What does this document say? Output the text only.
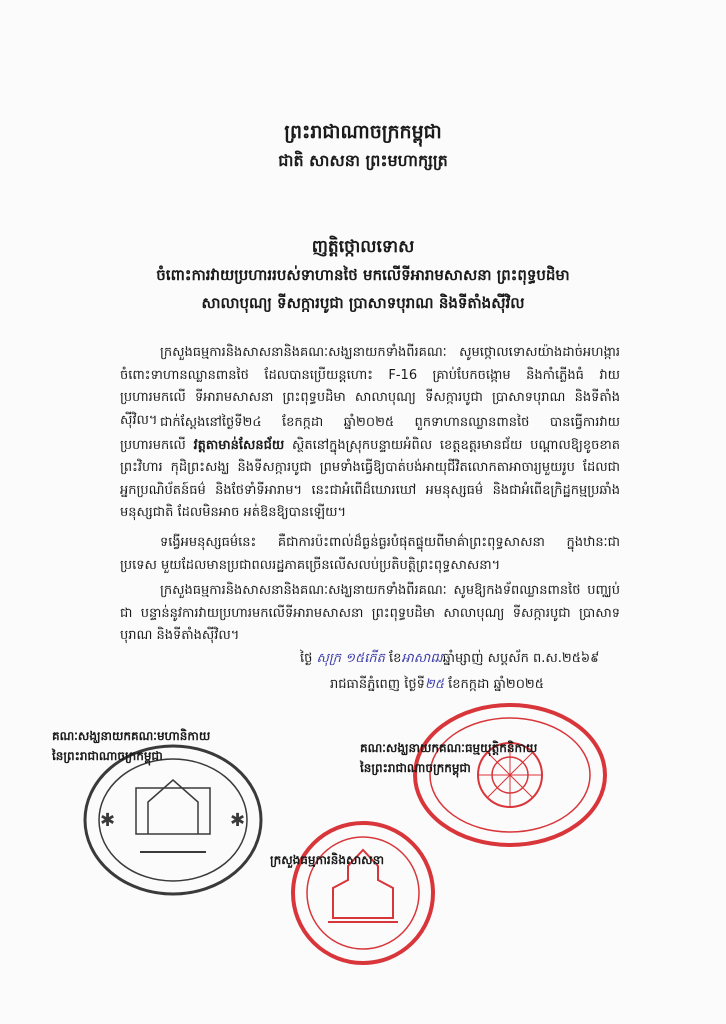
ព្រះរាជាណាចក្រកម្ពុជា
ជាតិ សាសនា ព្រះមហាក្សត្រ
ញត្តិថ្កោលទោស
ចំពោះការវាយប្រហាររបស់ទាហានថៃ មកលើទីអារាមសាសនា ព្រះពុទ្ធបដិមា
សាលាបុណ្យ ទីសក្ការបូជា ប្រាសាទបុរាណ និងទីតាំងស៊ីវិល
ក្រសួងធម្មការនិងសាសនានិងគណៈសង្ឃនាយកទាំងពីរគណៈ សូមថ្កោលទោសយ៉ាងដាច់អហង្ការ ចំពោះទាហានឈ្លានពានថៃ ដែលបានប្រើយន្តហោះ F-16 គ្រាប់បែកចង្កោម និងកាំភ្លើងធំ វាយប្រហារមកលើ ទីអារាមសាសនា ព្រះពុទ្ធបដិមា សាលាបុណ្យ ទីសក្ការបូជា ប្រាសាទបុរាណ និងទីតាំងស៊ីវិល។ ជាក់ស្តែងនៅថ្ងៃទី២៤ ខែកក្កដា ឆ្នាំ២០២៥ ពួកទាហានឈ្លានពានថៃ បានធ្វើការវាយប្រហារមកលើ វត្តតាមាន់សែនជ័យ ស្ថិតនៅក្នុងស្រុកបន្ទាយអំពិល ខេត្តឧត្តរមានជ័យ បណ្តាលឱ្យខូចខាតព្រះវិហារ កុដិព្រះសង្ឃ និងទីសក្ការបូជា ព្រមទាំងធ្វើឱ្យបាត់បង់អាយុជីវិតលោកតាអាចារ្យមួយរូប ដែលជាអ្នកប្រណិប័តន៍ធម៌ និងថែទាំទីអារាម។ នេះជាអំពើដ៏ឃោរឃៅ អមនុស្សធម៌ និងជាអំពើឧក្រិដ្ឋកម្មប្រឆាំងមនុស្សជាតិ ដែលមិនអាច អត់ឱនឱ្យបានឡើយ។
ទង្វើអមនុស្សធម៌នេះ គឺជាការប៉ះពាល់ដ៏ធ្ងន់ធ្ងរបំផុតផ្ទុយពីមាគ៌ាព្រះពុទ្ធសាសនា ក្នុងឋានៈជាប្រទេស មួយដែលមានប្រជាពលរដ្ឋភាគច្រើនលើសលប់ប្រតិបត្តិព្រះពុទ្ធសាសនា។
ក្រសួងធម្មការនិងសាសនានិងគណៈសង្ឃនាយកទាំងពីរគណៈ សូមឱ្យកងទ័ពឈ្លានពានថៃ បញ្ឈប់ជា បន្ទាន់នូវការវាយប្រហារមកលើទីអារាមសាសនា ព្រះពុទ្ធបដិមា សាលាបុណ្យ ទីសក្ការបូជា ប្រាសាទបុរាណ និងទីតាំងស៊ីវិល។
ថ្ងៃ សុក្រ ១៥កើត ខែអាសាឍឆ្នាំម្សាញ់ សប្តស័ក ព.ស.២៥៦៩
រាជធានីភ្នំពេញ ថ្ងៃទី២៥ ខែកក្កដា ឆ្នាំ២០២៥
✱	✱
គណៈសង្ឃនាយកគណៈមហានិកាយ
នៃព្រះរាជាណាចក្រកម្ពុជា
គណៈសង្ឃនាយកគណៈធម្មយុត្តិកនិកាយ
នៃព្រះរាជាណាចក្រកម្ពុជា
ក្រសួងធម្មការនិងសាសនា
